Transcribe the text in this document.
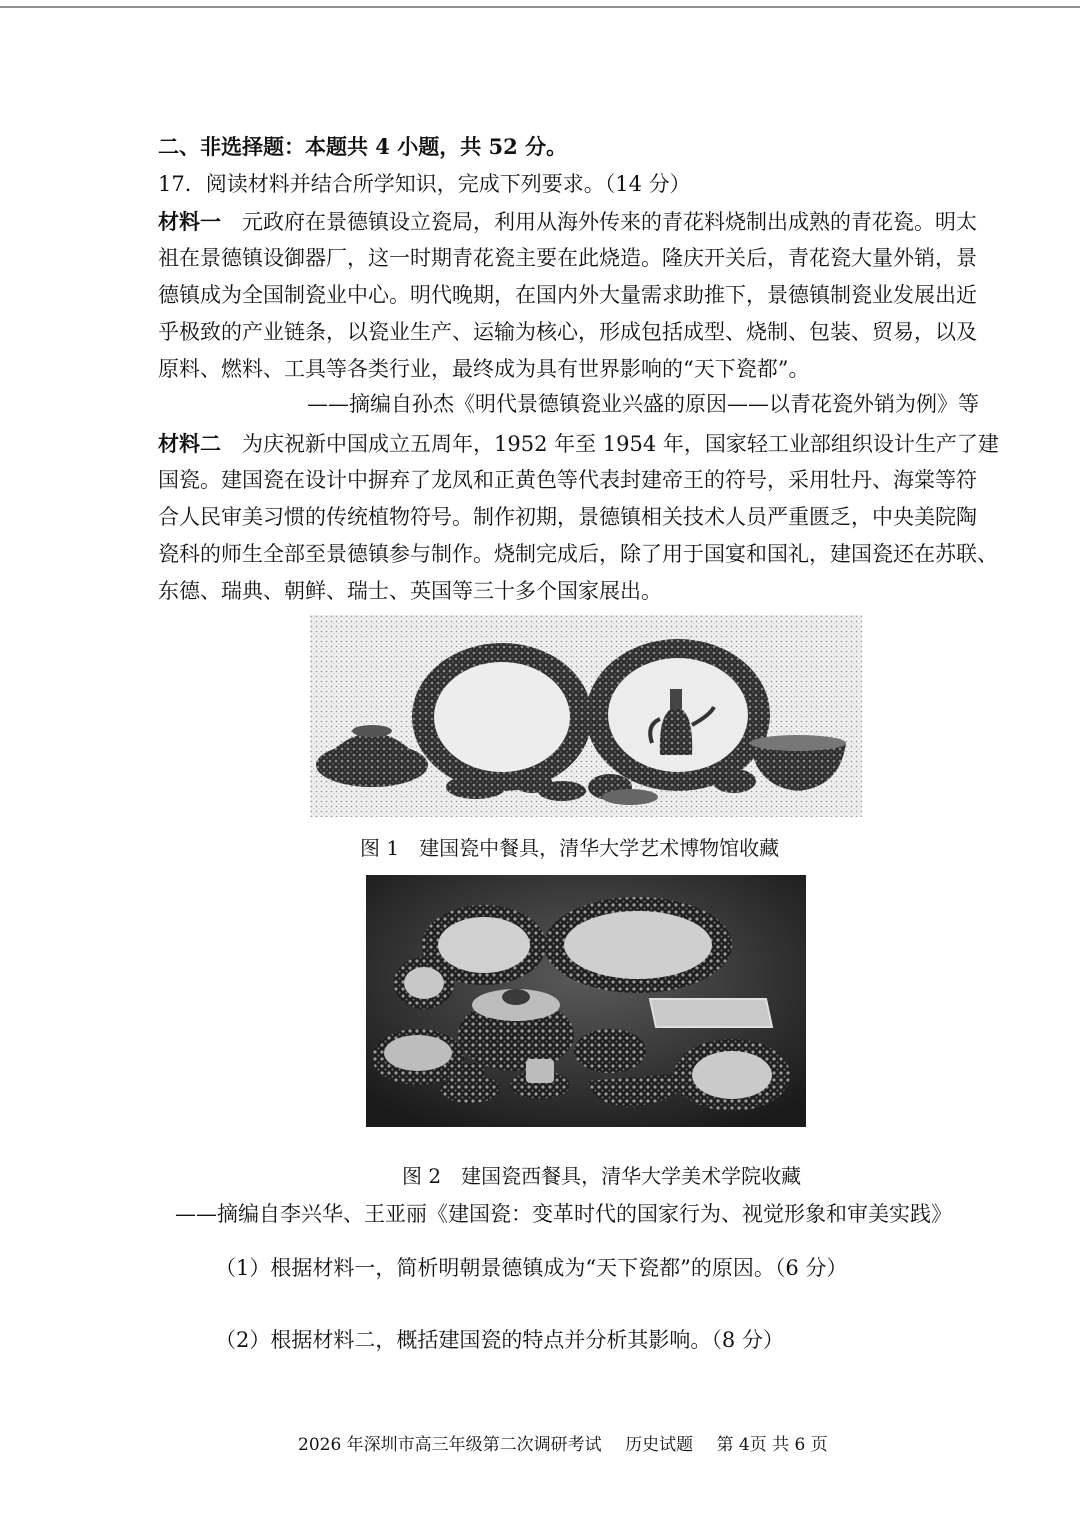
二、非选择题：本题共 4 小题，共 52 分。

17．阅读材料并结合所学知识，完成下列要求。（14 分）

材料一　 元政府在景德镇设立瓷局，利用从海外传来的青花料烧制出成熟的青花瓷。明太

祖在景德镇设御器厂，这一时期青花瓷主要在此烧造。隆庆开关后，青花瓷大量外销，景

德镇成为全国制瓷业中心。明代晚期，在国内外大量需求助推下，景德镇制瓷业发展出近

乎极致的产业链条，以瓷业生产、运输为核心，形成包括成型、烧制、包装、贸易，以及

原料、燃料、工具等各类行业，最终成为具有世界影响的“天下瓷都”。

——摘编自孙杰《明代景德镇瓷业兴盛的原因——以青花瓷外销为例》等

材料二　 为庆祝新中国成立五周年，1952 年至 1954 年，国家轻工业部组织设计生产了建

国瓷。建国瓷在设计中摒弃了龙凤和正黄色等代表封建帝王的符号，采用牡丹、海棠等符

合人民审美习惯的传统植物符号。制作初期，景德镇相关技术人员严重匮乏，中央美院陶

瓷科的师生全部至景德镇参与制作。烧制完成后，除了用于国宴和国礼，建国瓷还在苏联、

东德、瑞典、朝鲜、瑞士、英国等三十多个国家展出。

图 1　建国瓷中餐具，清华大学艺术博物馆收藏
图 2　建国瓷西餐具，清华大学美术学院收藏
——摘编自李兴华、王亚丽《建国瓷：变革时代的国家行为、视觉形象和审美实践》
（1）根据材料一，简析明朝景德镇成为“天下瓷都”的原因。（6 分）
（2）根据材料二，概括建国瓷的特点并分析其影响。（8 分）
2026 年深圳市高三年级第二次调研考试 历史试题 第 4页 共 6 页
